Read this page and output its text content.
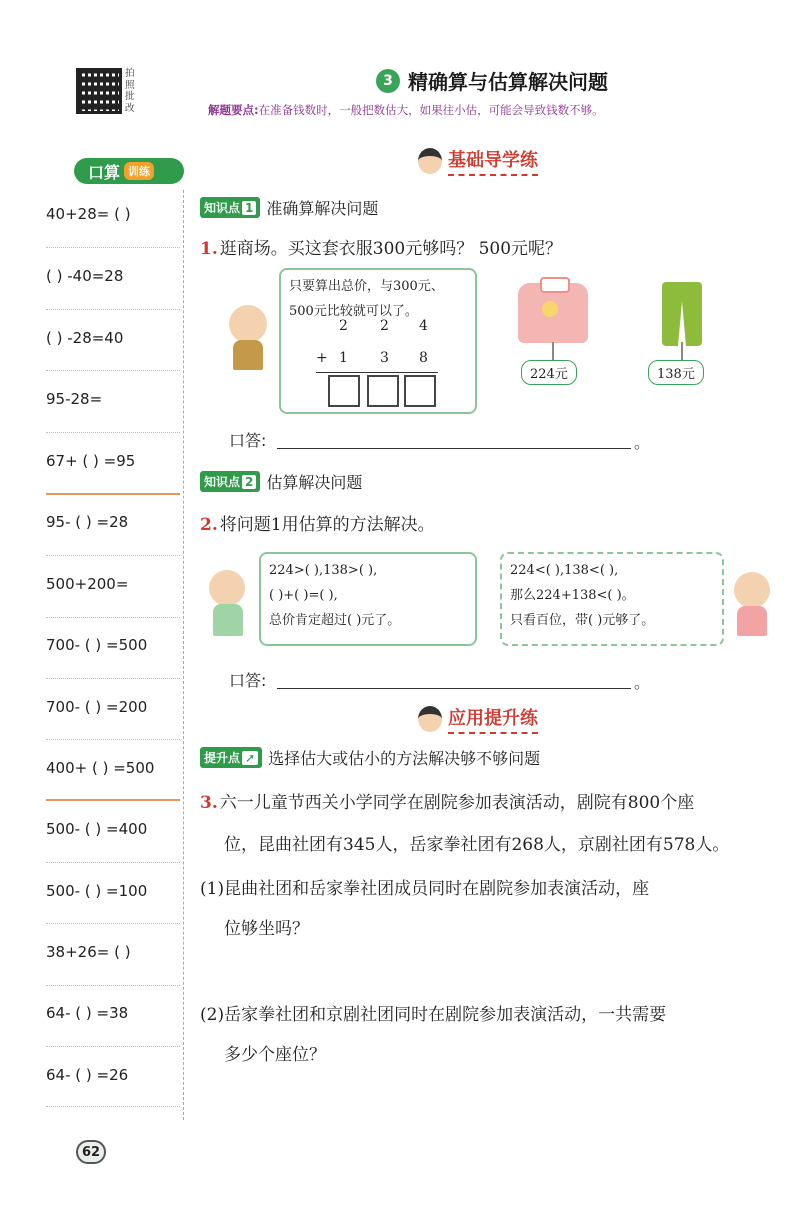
拍照批改
3 精确算与估算解决问题
解题要点:在准备钱数时，一般把数估大，如果往小估，可能会导致钱数不够。
口算 训练
40+28= ( )
( ) -40=28
( ) -28=40
95-28=
67+ ( ) =95
95- ( ) =28
500+200=
700- ( ) =500
700- ( ) =200
400+ ( ) =500
500- ( ) =400
500- ( ) =100
38+26= ( )
64- ( ) =38
64- ( ) =26
基础导学练
知识点 1 准确算解决问题
1. 逛商场。买这套衣服300元够吗？ 500元呢？
只要算出总价，与300元、
500元比较就可以了。
2 2 4
+ 1 3 8
224元	138元
口答:	。
知识点 2 估算解决问题
2. 将问题1用估算的方法解决。
224>( ),138>( ),
( )+( )=( ),
总价肯定超过( )元了。
224<( ),138<( ),
那么224+138<( )。
只看百位，带( )元够了。
口答:	。
应用提升练
提升点 ➚ 选择估大或估小的方法解决够不够问题
3. 六一儿童节西关小学同学在剧院参加表演活动，剧院有800个座
位，昆曲社团有345人，岳家拳社团有268人，京剧社团有578人。
(1)昆曲社团和岳家拳社团成员同时在剧院参加表演活动，座
位够坐吗？
(2)岳家拳社团和京剧社团同时在剧院参加表演活动，一共需要
多少个座位？
62
